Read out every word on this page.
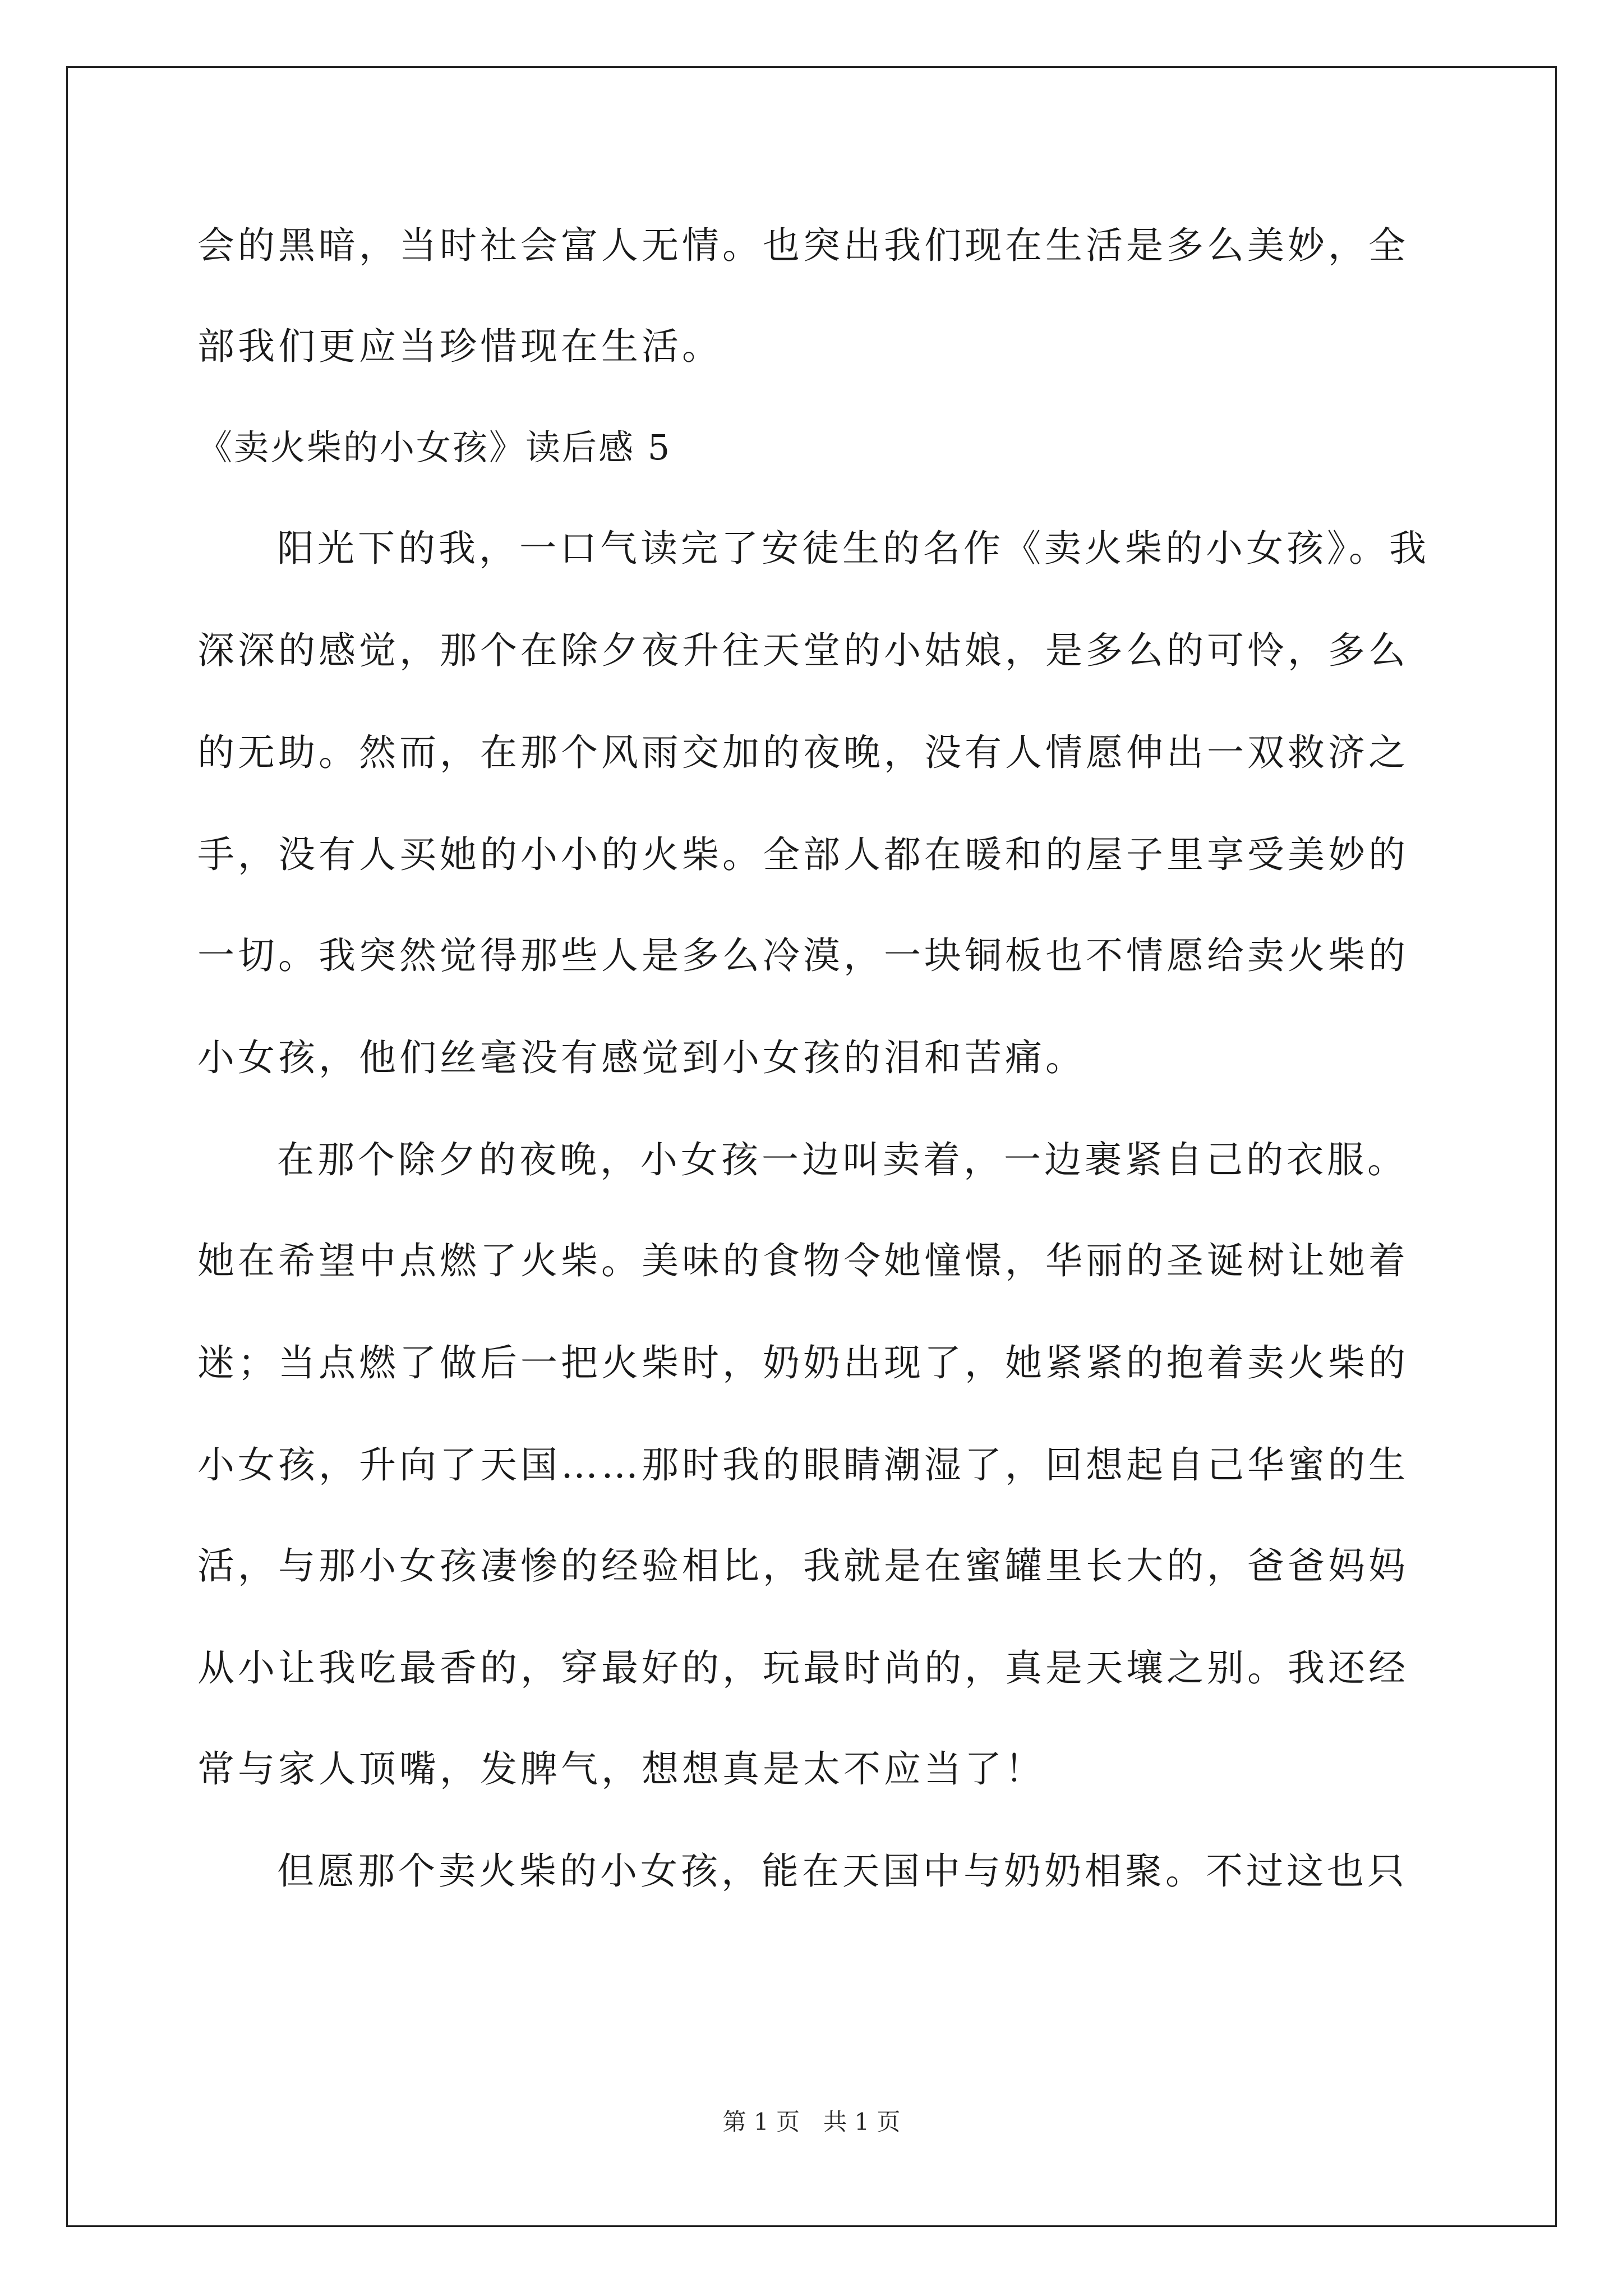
会的黑暗，当时社会富人无情。也突出我们现在生活是多么美妙，全
部我们更应当珍惜现在生活。
《卖火柴的小女孩》读后感 5
阳光下的我，一口气读完了安徒生的名作《卖火柴的小女孩》。我
深深的感觉，那个在除夕夜升往天堂的小姑娘，是多么的可怜，多么
的无助。然而，在那个风雨交加的夜晚，没有人情愿伸出一双救济之
手，没有人买她的小小的火柴。全部人都在暖和的屋子里享受美妙的
一切。我突然觉得那些人是多么冷漠，一块铜板也不情愿给卖火柴的
小女孩，他们丝毫没有感觉到小女孩的泪和苦痛。
在那个除夕的夜晚，小女孩一边叫卖着，一边裹紧自己的衣服。
她在希望中点燃了火柴。美味的食物令她憧憬，华丽的圣诞树让她着
迷；当点燃了做后一把火柴时，奶奶出现了，她紧紧的抱着卖火柴的
小女孩，升向了天国……那时我的眼睛潮湿了，回想起自己华蜜的生
活，与那小女孩凄惨的经验相比，我就是在蜜罐里长大的，爸爸妈妈
从小让我吃最香的，穿最好的，玩最时尚的，真是天壤之别。我还经
常与家人顶嘴，发脾气，想想真是太不应当了！
但愿那个卖火柴的小女孩，能在天国中与奶奶相聚。不过这也只
第 1 页　共 1 页
